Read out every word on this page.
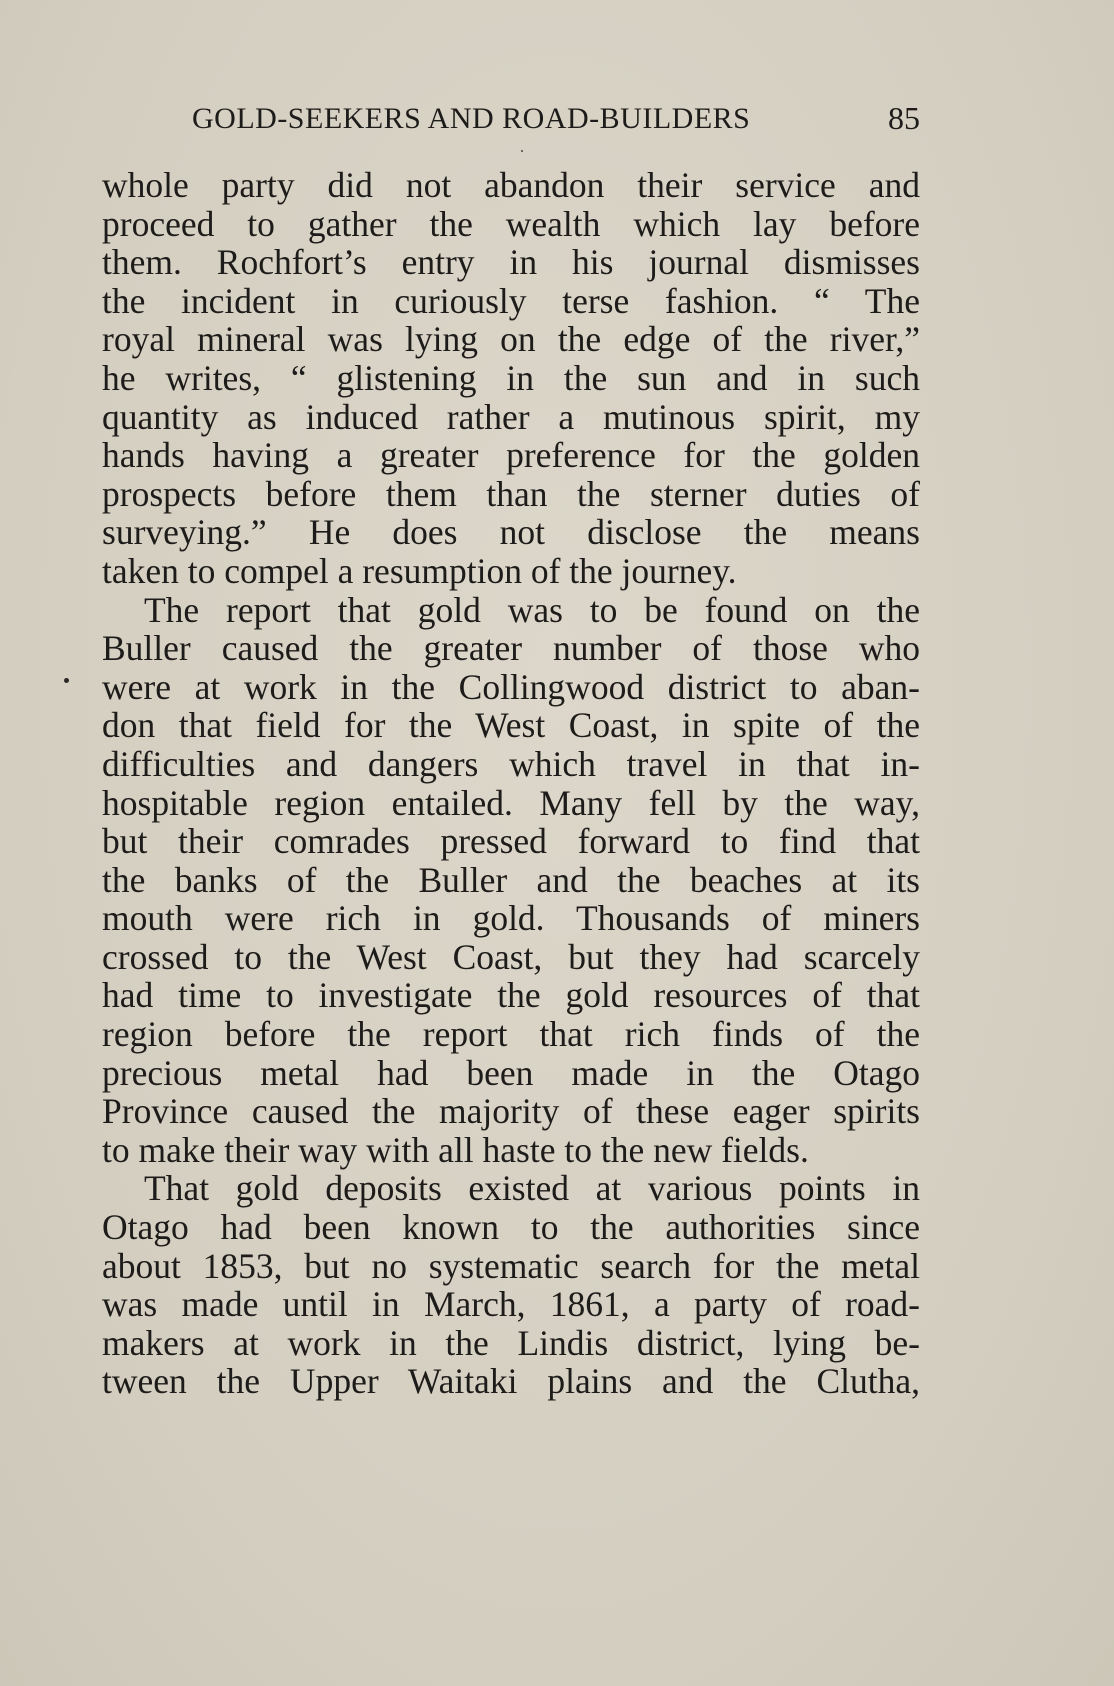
GOLD-SEEKERS AND ROAD-BUILDERS	85
whole party did not abandon their service and
proceed to gather the wealth which lay before
them. Rochfort’s entry in his journal dismisses
the incident in curiously terse fashion. “ The
royal mineral was lying on the edge of the river,”
he writes, “ glistening in the sun and in such
quantity as induced rather a mutinous spirit, my
hands having a greater preference for the golden
prospects before them than the sterner duties of
surveying.” He does not disclose the means
taken to compel a resumption of the journey.
The report that gold was to be found on the
Buller caused the greater number of those who
were at work in the Collingwood district to aban-
don that field for the West Coast, in spite of the
difficulties and dangers which travel in that in-
hospitable region entailed. Many fell by the way,
but their comrades pressed forward to find that
the banks of the Buller and the beaches at its
mouth were rich in gold. Thousands of miners
crossed to the West Coast, but they had scarcely
had time to investigate the gold resources of that
region before the report that rich finds of the
precious metal had been made in the Otago
Province caused the majority of these eager spirits
to make their way with all haste to the new fields.
That gold deposits existed at various points in
Otago had been known to the authorities since
about 1853, but no systematic search for the metal
was made until in March, 1861, a party of road-
makers at work in the Lindis district, lying be-
tween the Upper Waitaki plains and the Clutha,
